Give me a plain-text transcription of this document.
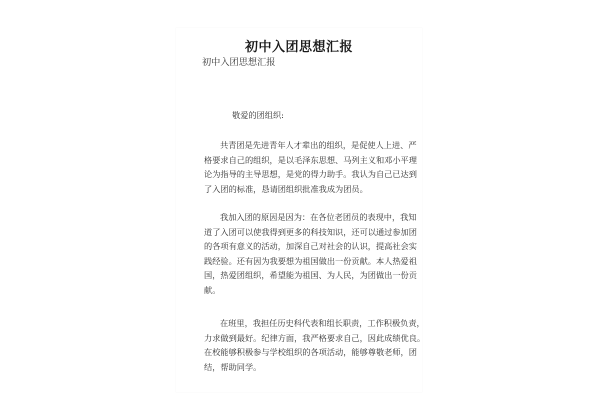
初中入团思想汇报
初中入团思想汇报
敬爱的团组织:
共青团是先进青年人才辈出的组织，是促使人上进、严
格要求自己的组织，是以毛泽东思想、马列主义和邓小平理
论为指导的主导思想，是党的得力助手。我认为自己已达到
了入团的标准，恳请团组织批准我成为团员。
我加入团的原因是因为：在各位老团员的表现中，我知
道了入团可以使我得到更多的科技知识，还可以通过参加团
的各项有意义的活动，加深自己对社会的认识，提高社会实
践经验。还有因为我要想为祖国做出一份贡献。本人热爱祖
国，热爱团组织，希望能为祖国、为人民，为团做出一份贡
献。
在班里，我担任历史科代表和组长职责，工作积极负责，
力求做到最好。纪律方面，我严格要求自己，因此成绩优良。
在校能够积极参与学校组织的各项活动，能够尊敬老师，团
结，帮助同学。
